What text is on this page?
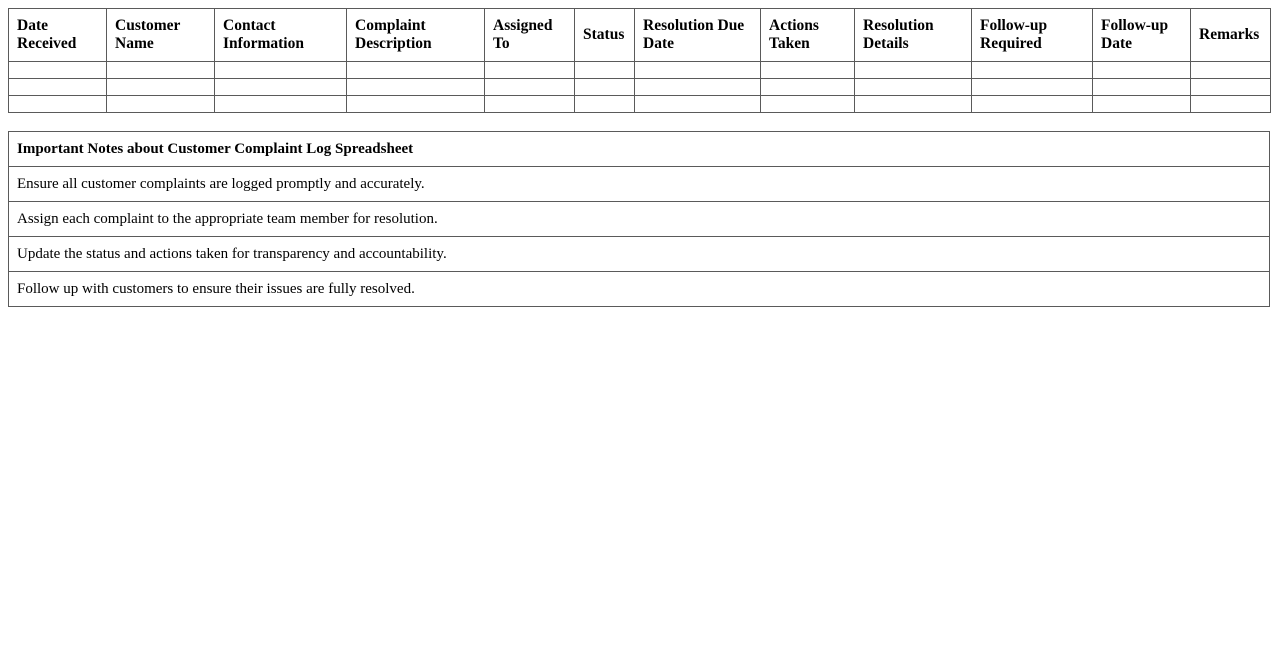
Date Received	Customer Name	Contact Information	Complaint Description	Assigned To	Status	Resolution Due Date	Actions Taken	Resolution Details	Follow-up Required	Follow-up Date	Remarks

Important Notes about Customer Complaint Log Spreadsheet
Ensure all customer complaints are logged promptly and accurately.
Assign each complaint to the appropriate team member for resolution.
Update the status and actions taken for transparency and accountability.
Follow up with customers to ensure their issues are fully resolved.
